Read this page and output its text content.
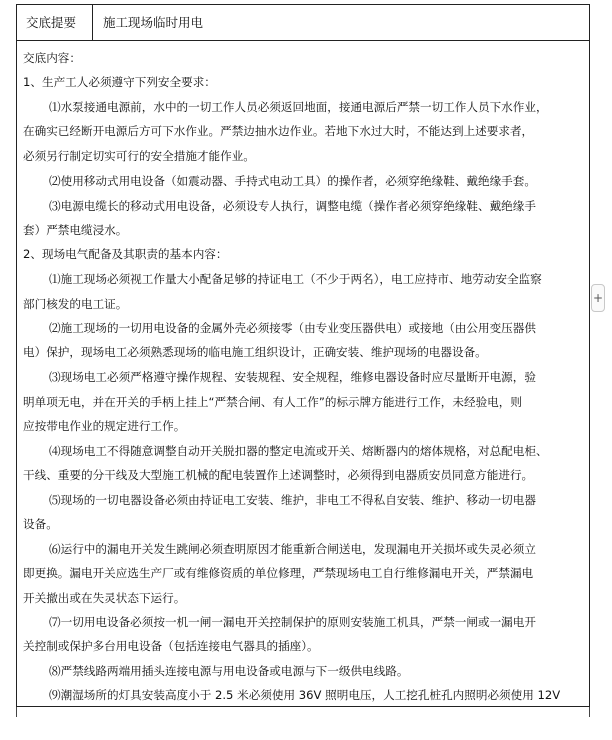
交底提要	施工现场临时用电
交底内容：
1、生产工人必须遵守下列安全要求：
⑴水泵接通电源前，水中的一切工作人员必须返回地面，接通电源后严禁一切工作人员下水作业，
在确实已经断开电源后方可下水作业。严禁边抽水边作业。若地下水过大时，不能达到上述要求者，
必须另行制定切实可行的安全措施才能作业。
⑵使用移动式用电设备（如震动器、手持式电动工具）的操作者，必须穿绝缘鞋、戴绝缘手套。
⑶电源电缆长的移动式用电设备，必须设专人执行，调整电缆（操作者必须穿绝缘鞋、戴绝缘手
套）严禁电缆浸水。
2、现场电气配备及其职责的基本内容：
⑴施工现场必须视工作量大小配备足够的持证电工（不少于两名），电工应持市、地劳动安全监察
部门核发的电工证。
⑵施工现场的一切用电设备的金属外壳必须接零（由专业变压器供电）或接地（由公用变压器供
电）保护，现场电工必须熟悉现场的临电施工组织设计，正确安装、维护现场的电器设备。
⑶现场电工必须严格遵守操作规程、安装规程、安全规程，维修电器设备时应尽量断开电源，验
明单项无电，并在开关的手柄上挂上“严禁合闸、有人工作”的标示牌方能进行工作，未经验电，则
应按带电作业的规定进行工作。
⑷现场电工不得随意调整自动开关脱扣器的整定电流或开关、熔断器内的熔体规格，对总配电柜、
干线、重要的分干线及大型施工机械的配电装置作上述调整时，必须得到电器质安员同意方能进行。
⑸现场的一切电器设备必须由持证电工安装、维护，非电工不得私自安装、维护、移动一切电器
设备。
⑹运行中的漏电开关发生跳闸必须查明原因才能重新合闸送电，发现漏电开关损坏或失灵必须立
即更换。漏电开关应选生产厂或有维修资质的单位修理，严禁现场电工自行维修漏电开关，严禁漏电
开关撤出或在失灵状态下运行。
⑺一切用电设备必须按一机一闸一漏电开关控制保护的原则安装施工机具，严禁一闸或一漏电开
关控制或保护多台用电设备（包括连接电气器具的插座）。
⑻严禁线路两端用插头连接电源与用电设备或电源与下一级供电线路。
⑼潮湿场所的灯具安装高度小于 2.5 米必须使用 36V 照明电压，人工挖孔桩孔内照明必须使用 12V
+
